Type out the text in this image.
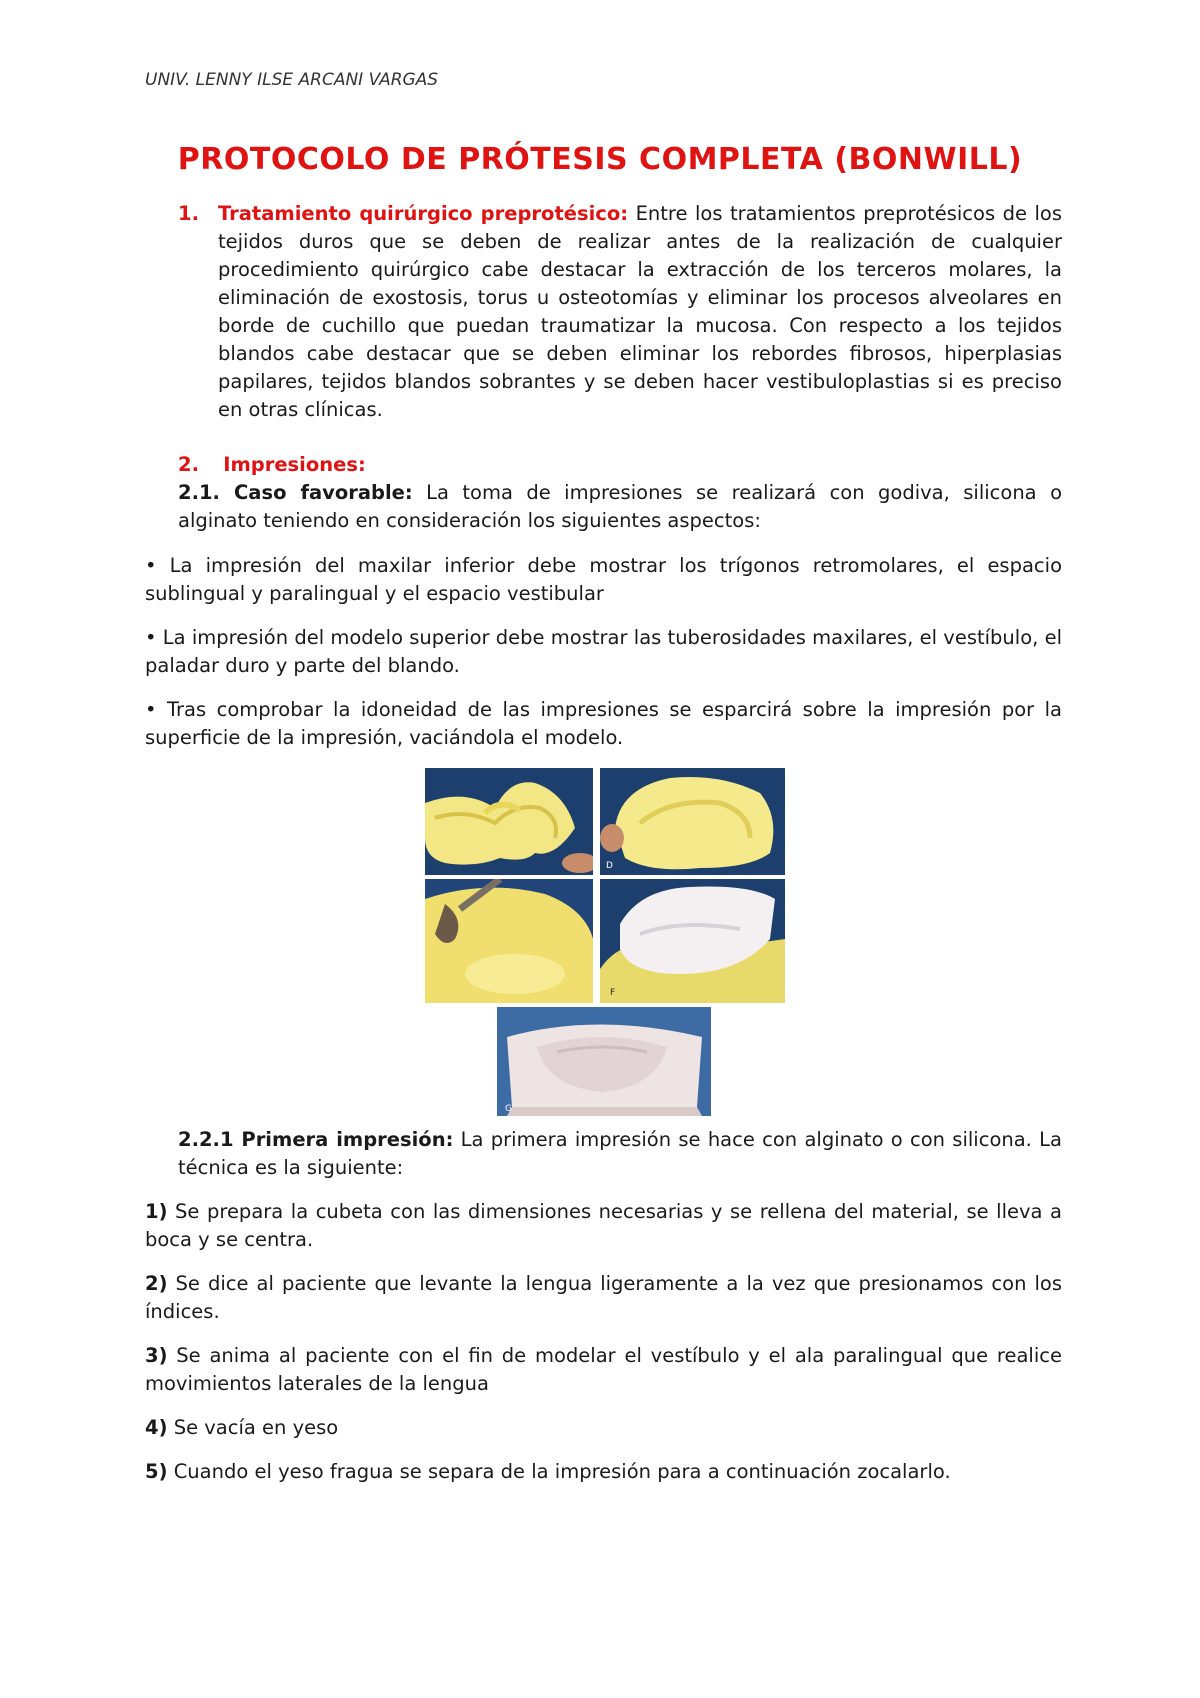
UNIV. LENNY ILSE ARCANI VARGAS
PROTOCOLO DE PRÓTESIS COMPLETA (BONWILL)
1. Tratamiento quirúrgico preprotésico: Entre los tratamientos preprotésicos de los tejidos duros que se deben de realizar antes de la realización de cualquier procedimiento quirúrgico cabe destacar la extracción de los terceros molares, la eliminación de exostosis, torus u osteotomías y eliminar los procesos alveolares en borde de cuchillo que puedan traumatizar la mucosa. Con respecto a los tejidos blandos cabe destacar que se deben eliminar los rebordes fibrosos, hiperplasias papilares, tejidos blandos sobrantes y se deben hacer vestibuloplastias si es preciso en otras clínicas.
2. Impresiones:
2.1. Caso favorable: La toma de impresiones se realizará con godiva, silicona o alginato teniendo en consideración los siguientes aspectos:
• La impresión del maxilar inferior debe mostrar los trígonos retromolares, el espacio sublingual y paralingual y el espacio vestibular
• La impresión del modelo superior debe mostrar las tuberosidades maxilares, el vestíbulo, el paladar duro y parte del blando.
• Tras comprobar la idoneidad de las impresiones se esparcirá sobre la impresión por la superficie de la impresión, vaciándola el modelo.
D
F
G
2.2.1 Primera impresión: La primera impresión se hace con alginato o con silicona. La técnica es la siguiente:
1) Se prepara la cubeta con las dimensiones necesarias y se rellena del material, se lleva a boca y se centra.
2) Se dice al paciente que levante la lengua ligeramente a la vez que presionamos con los índices.
3) Se anima al paciente con el fin de modelar el vestíbulo y el ala paralingual que realice movimientos laterales de la lengua
4) Se vacía en yeso
5) Cuando el yeso fragua se separa de la impresión para a continuación zocalarlo.
